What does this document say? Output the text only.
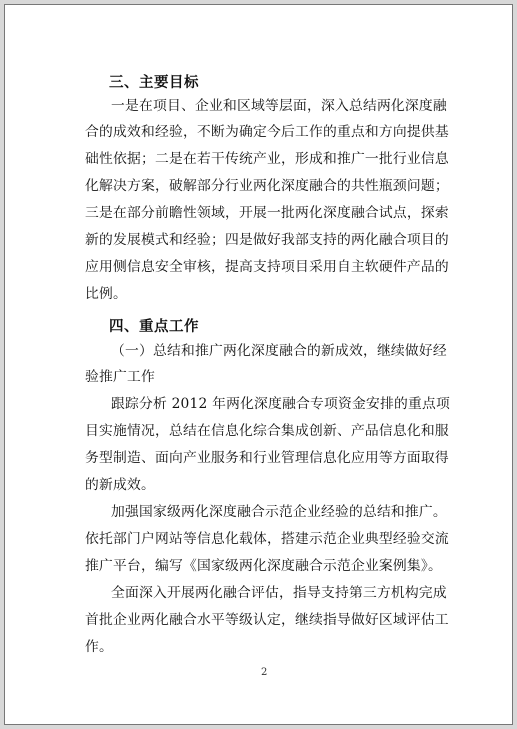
三、主要目标
一是在项目、企业和区域等层面，深入总结两化深度融
合的成效和经验，不断为确定今后工作的重点和方向提供基
础性依据；二是在若干传统产业，形成和推广一批行业信息
化解决方案，破解部分行业两化深度融合的共性瓶颈问题；
三是在部分前瞻性领域，开展一批两化深度融合试点，探索
新的发展模式和经验；四是做好我部支持的两化融合项目的
应用侧信息安全审核，提高支持项目采用自主软硬件产品的
比例。
四、重点工作
（一）总结和推广两化深度融合的新成效，继续做好经
验推广工作
跟踪分析 2012 年两化深度融合专项资金安排的重点项
目实施情况，总结在信息化综合集成创新、产品信息化和服
务型制造、面向产业服务和行业管理信息化应用等方面取得
的新成效。
加强国家级两化深度融合示范企业经验的总结和推广。
依托部门户网站等信息化载体，搭建示范企业典型经验交流
推广平台，编写《国家级两化深度融合示范企业案例集》。
全面深入开展两化融合评估，指导支持第三方机构完成
首批企业两化融合水平等级认定，继续指导做好区域评估工
作。
2
